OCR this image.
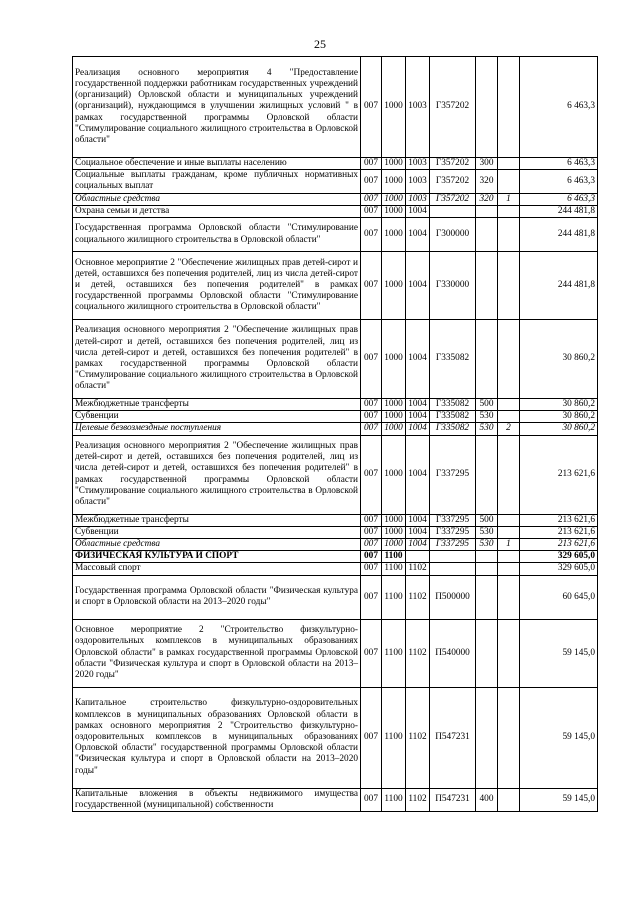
25
Реализация основного мероприятия 4 "Предоставление государственной поддержки работникам государственных учреждений (организаций) Орловской области и муниципальных учреждений (организаций), нуждающимся в улучшении жилищных условий " в рамках государственной программы Орловской области "Стимулирование социального жилищного строительства в Орловской области"	007	1000	1003	Г357202			6 463,3
Социальное обеспечение и иные выплаты населению	007	1000	1003	Г357202	300		6 463,3
Социальные выплаты гражданам, кроме публичных нормативных социальных выплат	007	1000	1003	Г357202	320		6 463,3
Областные средства	007	1000	1003	Г357202	320	1	6 463,3
Охрана семьи и детства	007	1000	1004				244 481,8
Государственная программа Орловской области "Стимулирование социального жилищного строительства в Орловской области"	007	1000	1004	Г300000			244 481,8
Основное мероприятие 2 "Обеспечение жилищных прав детей-сирот и детей, оставшихся без попечения родителей, лиц из числа детей-сирот и детей, оставшихся без попечения родителей" в рамках государственной программы Орловской области "Стимулирование социального жилищного строительства в Орловской области"	007	1000	1004	Г330000			244 481,8
Реализация основного мероприятия 2 "Обеспечение жилищных прав детей-сирот и детей, оставшихся без попечения родителей, лиц из числа детей-сирот и детей, оставшихся без попечения родителей" в рамках государственной программы Орловской области "Стимулирование социального жилищного строительства в Орловской области"	007	1000	1004	Г335082			30 860,2
Межбюджетные трансферты	007	1000	1004	Г335082	500		30 860,2
Субвенции	007	1000	1004	Г335082	530		30 860,2
Целевые безвозмездные поступления	007	1000	1004	Г335082	530	2	30 860,2
Реализация основного мероприятия 2 "Обеспечение жилищных прав детей-сирот и детей, оставшихся без попечения родителей, лиц из числа детей-сирот и детей, оставшихся без попечения родителей" в рамках государственной программы Орловской области "Стимулирование социального жилищного строительства в Орловской области"	007	1000	1004	Г337295			213 621,6
Межбюджетные трансферты	007	1000	1004	Г337295	500		213 621,6
Субвенции	007	1000	1004	Г337295	530		213 621,6
Областные средства	007	1000	1004	Г337295	530	1	213 621,6
ФИЗИЧЕСКАЯ КУЛЬТУРА И СПОРТ	007	1100					329 605,0
Массовый спорт	007	1100	1102				329 605,0
Государственная программа Орловской области "Физическая культура и спорт в Орловской области на 2013–2020 годы"	007	1100	1102	П500000			60 645,0
Основное мероприятие 2 "Строительство физкультурно-оздоровительных комплексов в муниципальных образованиях Орловской области" в рамках государственной программы Орловской области "Физическая культура и спорт в Орловской области на 2013–2020 годы"	007	1100	1102	П540000			59 145,0
Капитальное строительство физкультурно-оздоровительных комплексов в муниципальных образованиях Орловской области в рамках основного мероприятия 2 "Строительство физкультурно-оздоровительных комплексов в муниципальных образованиях Орловской области" государственной программы Орловской области "Физическая культура и спорт в Орловской области на 2013–2020 годы"	007	1100	1102	П547231			59 145,0
Капитальные вложения в объекты недвижимого имущества государственной (муниципальной) собственности	007	1100	1102	П547231	400		59 145,0
